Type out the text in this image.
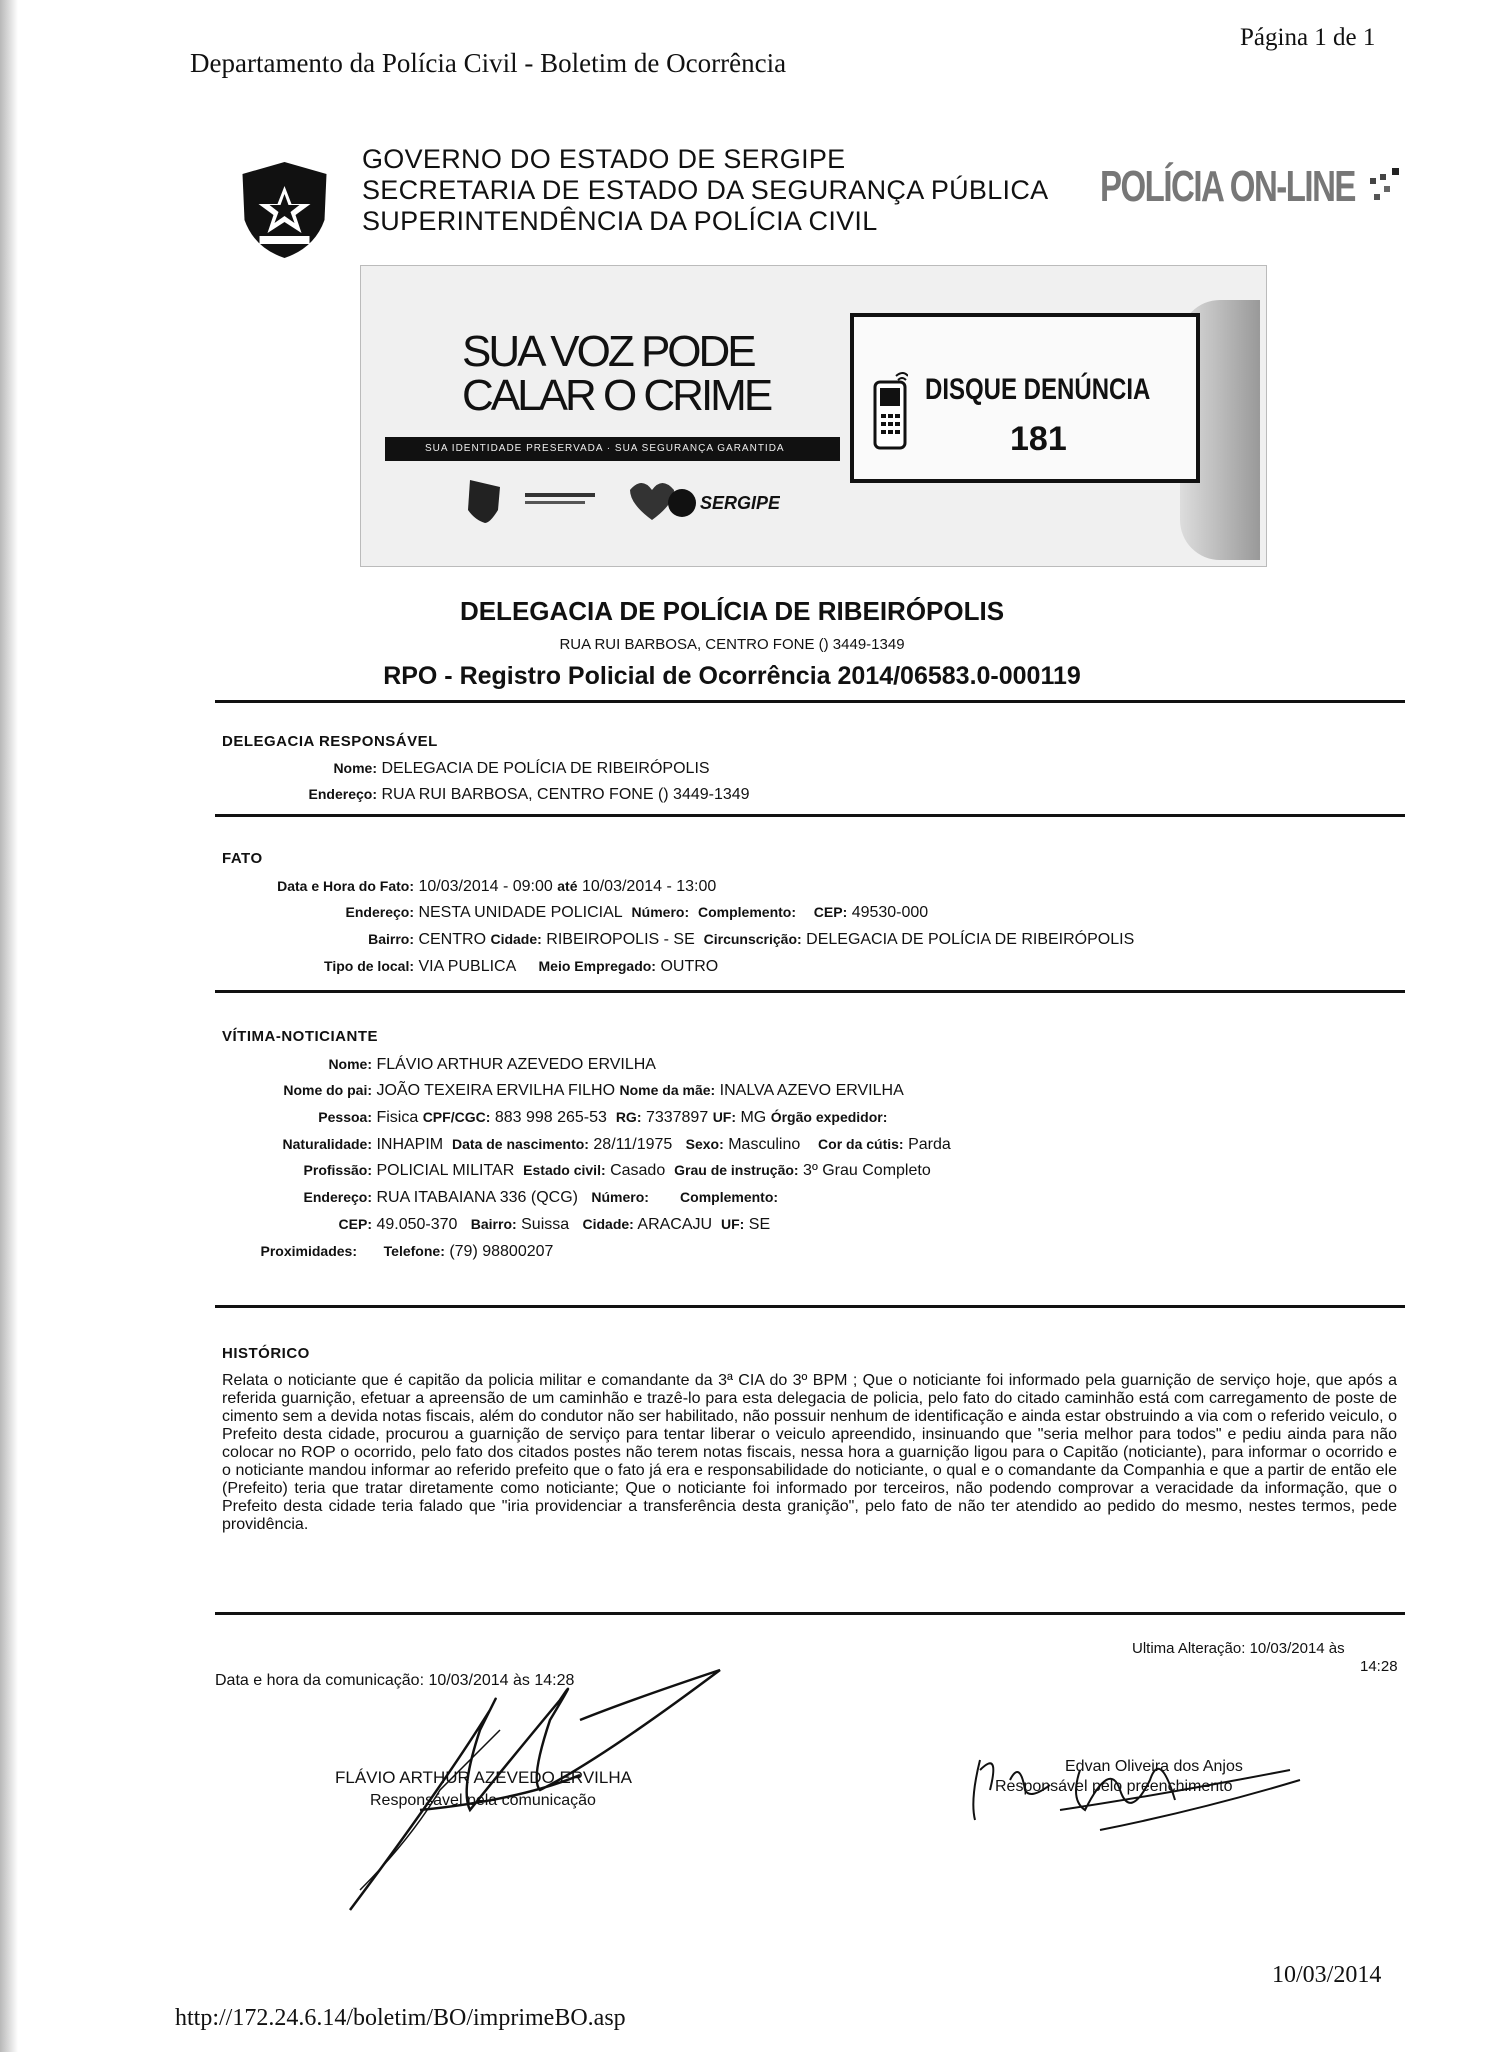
Departamento da Polícia Civil - Boletim de Ocorrência
Página 1 de 1
GOVERNO DO ESTADO DE SERGIPE
SECRETARIA DE ESTADO DA SEGURANÇA PÚBLICA
SUPERINTENDÊNCIA DA POLÍCIA CIVIL
POLÍCIA ON-LINE
SUA VOZ PODE
CALAR O CRIME
SUA IDENTIDADE PRESERVADA · SUA SEGURANÇA GARANTIDA
SERGIPE
DISQUE DENÚNCIA
181
DELEGACIA DE POLÍCIA DE RIBEIRÓPOLIS
RUA RUI BARBOSA, CENTRO FONE () 3449-1349
RPO - Registro Policial de Ocorrência 2014/06583.0-000119
DELEGACIA RESPONSÁVEL
Nome: DELEGACIA DE POLÍCIA DE RIBEIRÓPOLIS
Endereço: RUA RUI BARBOSA, CENTRO FONE () 3449-1349
FATO
Data e Hora do Fato: 10/03/2014 - 09:00 até 10/03/2014 - 13:00
Endereço: NESTA UNIDADE POLICIAL Número: Complemento: CEP: 49530-000
Bairro: CENTRO Cidade: RIBEIROPOLIS - SE Circunscrição: DELEGACIA DE POLÍCIA DE RIBEIRÓPOLIS
Tipo de local: VIA PUBLICA Meio Empregado: OUTRO
VÍTIMA-NOTICIANTE
Nome: FLÁVIO ARTHUR AZEVEDO ERVILHA
Nome do pai: JOÃO TEXEIRA ERVILHA FILHO Nome da mãe: INALVA AZEVO ERVILHA
Pessoa: Fisica CPF/CGC: 883 998 265-53 RG: 7337897 UF: MG Órgão expedidor:
Naturalidade: INHAPIM Data de nascimento: 28/11/1975 Sexo: Masculino Cor da cútis: Parda
Profissão: POLICIAL MILITAR Estado civil: Casado Grau de instrução: 3º Grau Completo
Endereço: RUA ITABAIANA 336 (QCG) Número: Complemento:
CEP: 49.050-370 Bairro: Suissa Cidade: ARACAJU UF: SE
Proximidades: Telefone: (79) 98800207
HISTÓRICO
Relata o noticiante que é capitão da policia militar e comandante da 3ª CIA do 3º BPM ; Que o noticiante foi informado pela guarnição de serviço hoje, que após a referida guarnição, efetuar a apreensão de um caminhão e trazê-lo para esta delegacia de policia, pelo fato do citado caminhão está com carregamento de poste de cimento sem a devida notas fiscais, além do condutor não ser habilitado, não possuir nenhum de identificação e ainda estar obstruindo a via com o referido veiculo, o Prefeito desta cidade, procurou a guarnição de serviço para tentar liberar o veiculo apreendido, insinuando que "seria melhor para todos" e pediu ainda para não colocar no ROP o ocorrido, pelo fato dos citados postes não terem notas fiscais, nessa hora a guarnição ligou para o Capitão (noticiante), para informar o ocorrido e o noticiante mandou informar ao referido prefeito que o fato já era e responsabilidade do noticiante, o qual e o comandante da Companhia e que a partir de então ele (Prefeito) teria que tratar diretamente como noticiante; Que o noticiante foi informado por terceiros, não podendo comprovar a veracidade da informação, que o Prefeito desta cidade teria falado que "iria providenciar a transferência desta granição", pelo fato de não ter atendido ao pedido do mesmo, nestes termos, pede providência.
Data e hora da comunicação: 10/03/2014 às 14:28
Ultima Alteração: 10/03/2014 às
14:28
FLÁVIO ARTHUR AZEVEDO ERVILHA
Responsável pela comunicação
Edvan Oliveira dos Anjos
Responsável pelo preenchimento
10/03/2014
http://172.24.6.14/boletim/BO/imprimeBO.asp
